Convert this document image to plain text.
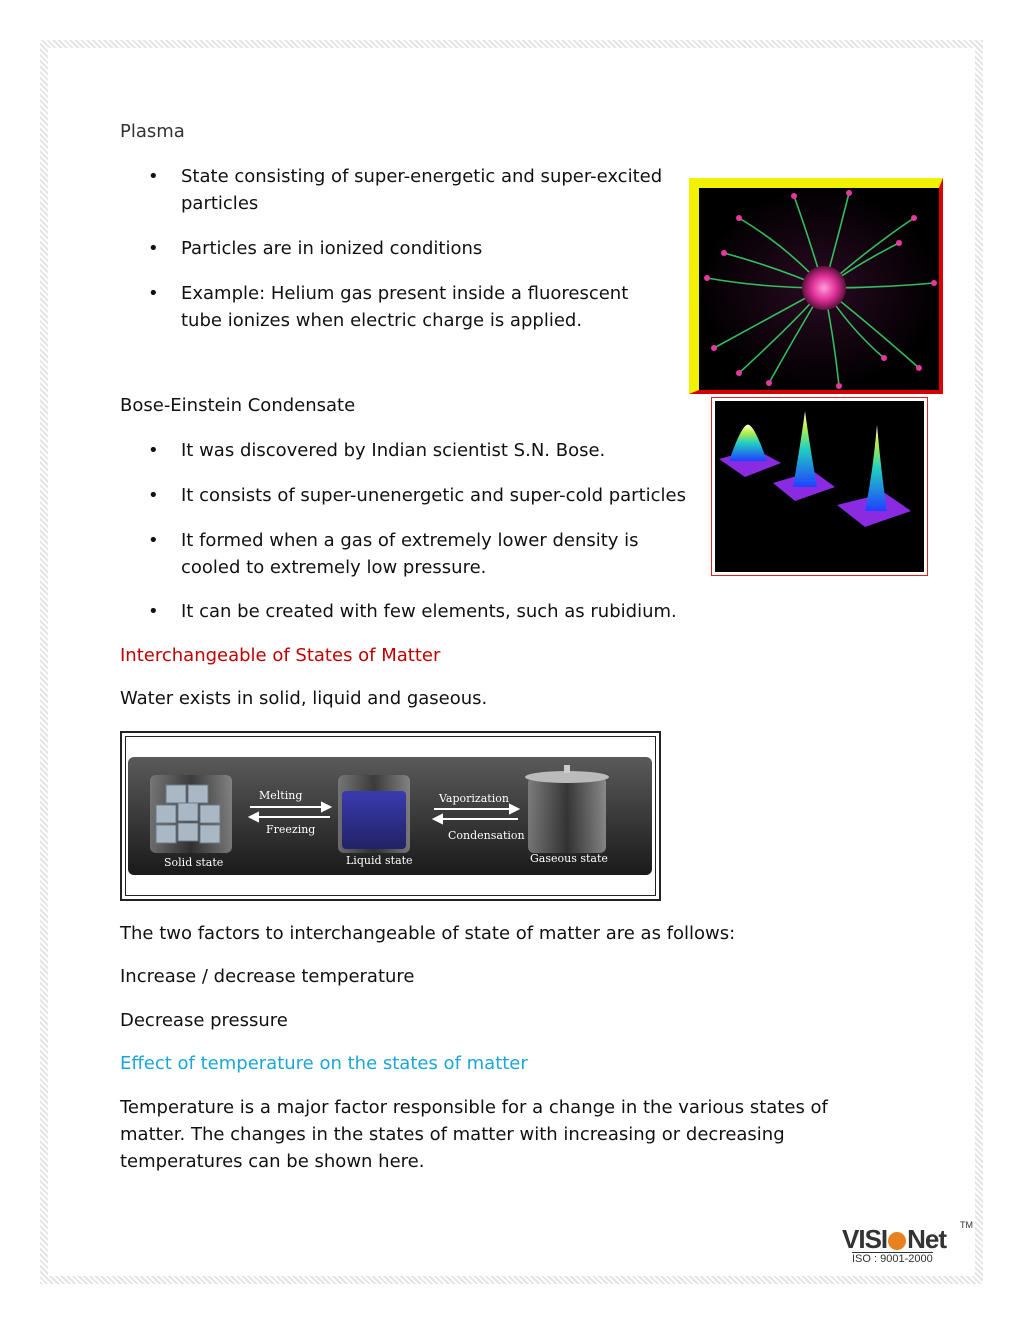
Plasma
• State consisting of super-energetic and super-excited
particles
• Particles are in ionized conditions
• Example: Helium gas present inside a fluorescent
tube ionizes when electric charge is applied.
Bose-Einstein Condensate
• It was discovered by Indian scientist S.N. Bose.
• It consists of super-unenergetic and super-cold particles
• It formed when a gas of extremely lower density is
cooled to extremely low pressure.
• It can be created with few elements, such as rubidium.
Interchangeable of States of Matter
Water exists in solid, liquid and gaseous.
Melting
Freezing
Vaporization
Condensation
Solid state	Liquid state	Gaseous state
The two factors to interchangeable of state of matter are as follows:
Increase / decrease temperature
Decrease pressure
Effect of temperature on the states of matter
Temperature is a major factor responsible for a change in the various states of
matter. The changes in the states of matter with increasing or decreasing
temperatures can be shown here.
VISI Net TM
ISO : 9001-2000
